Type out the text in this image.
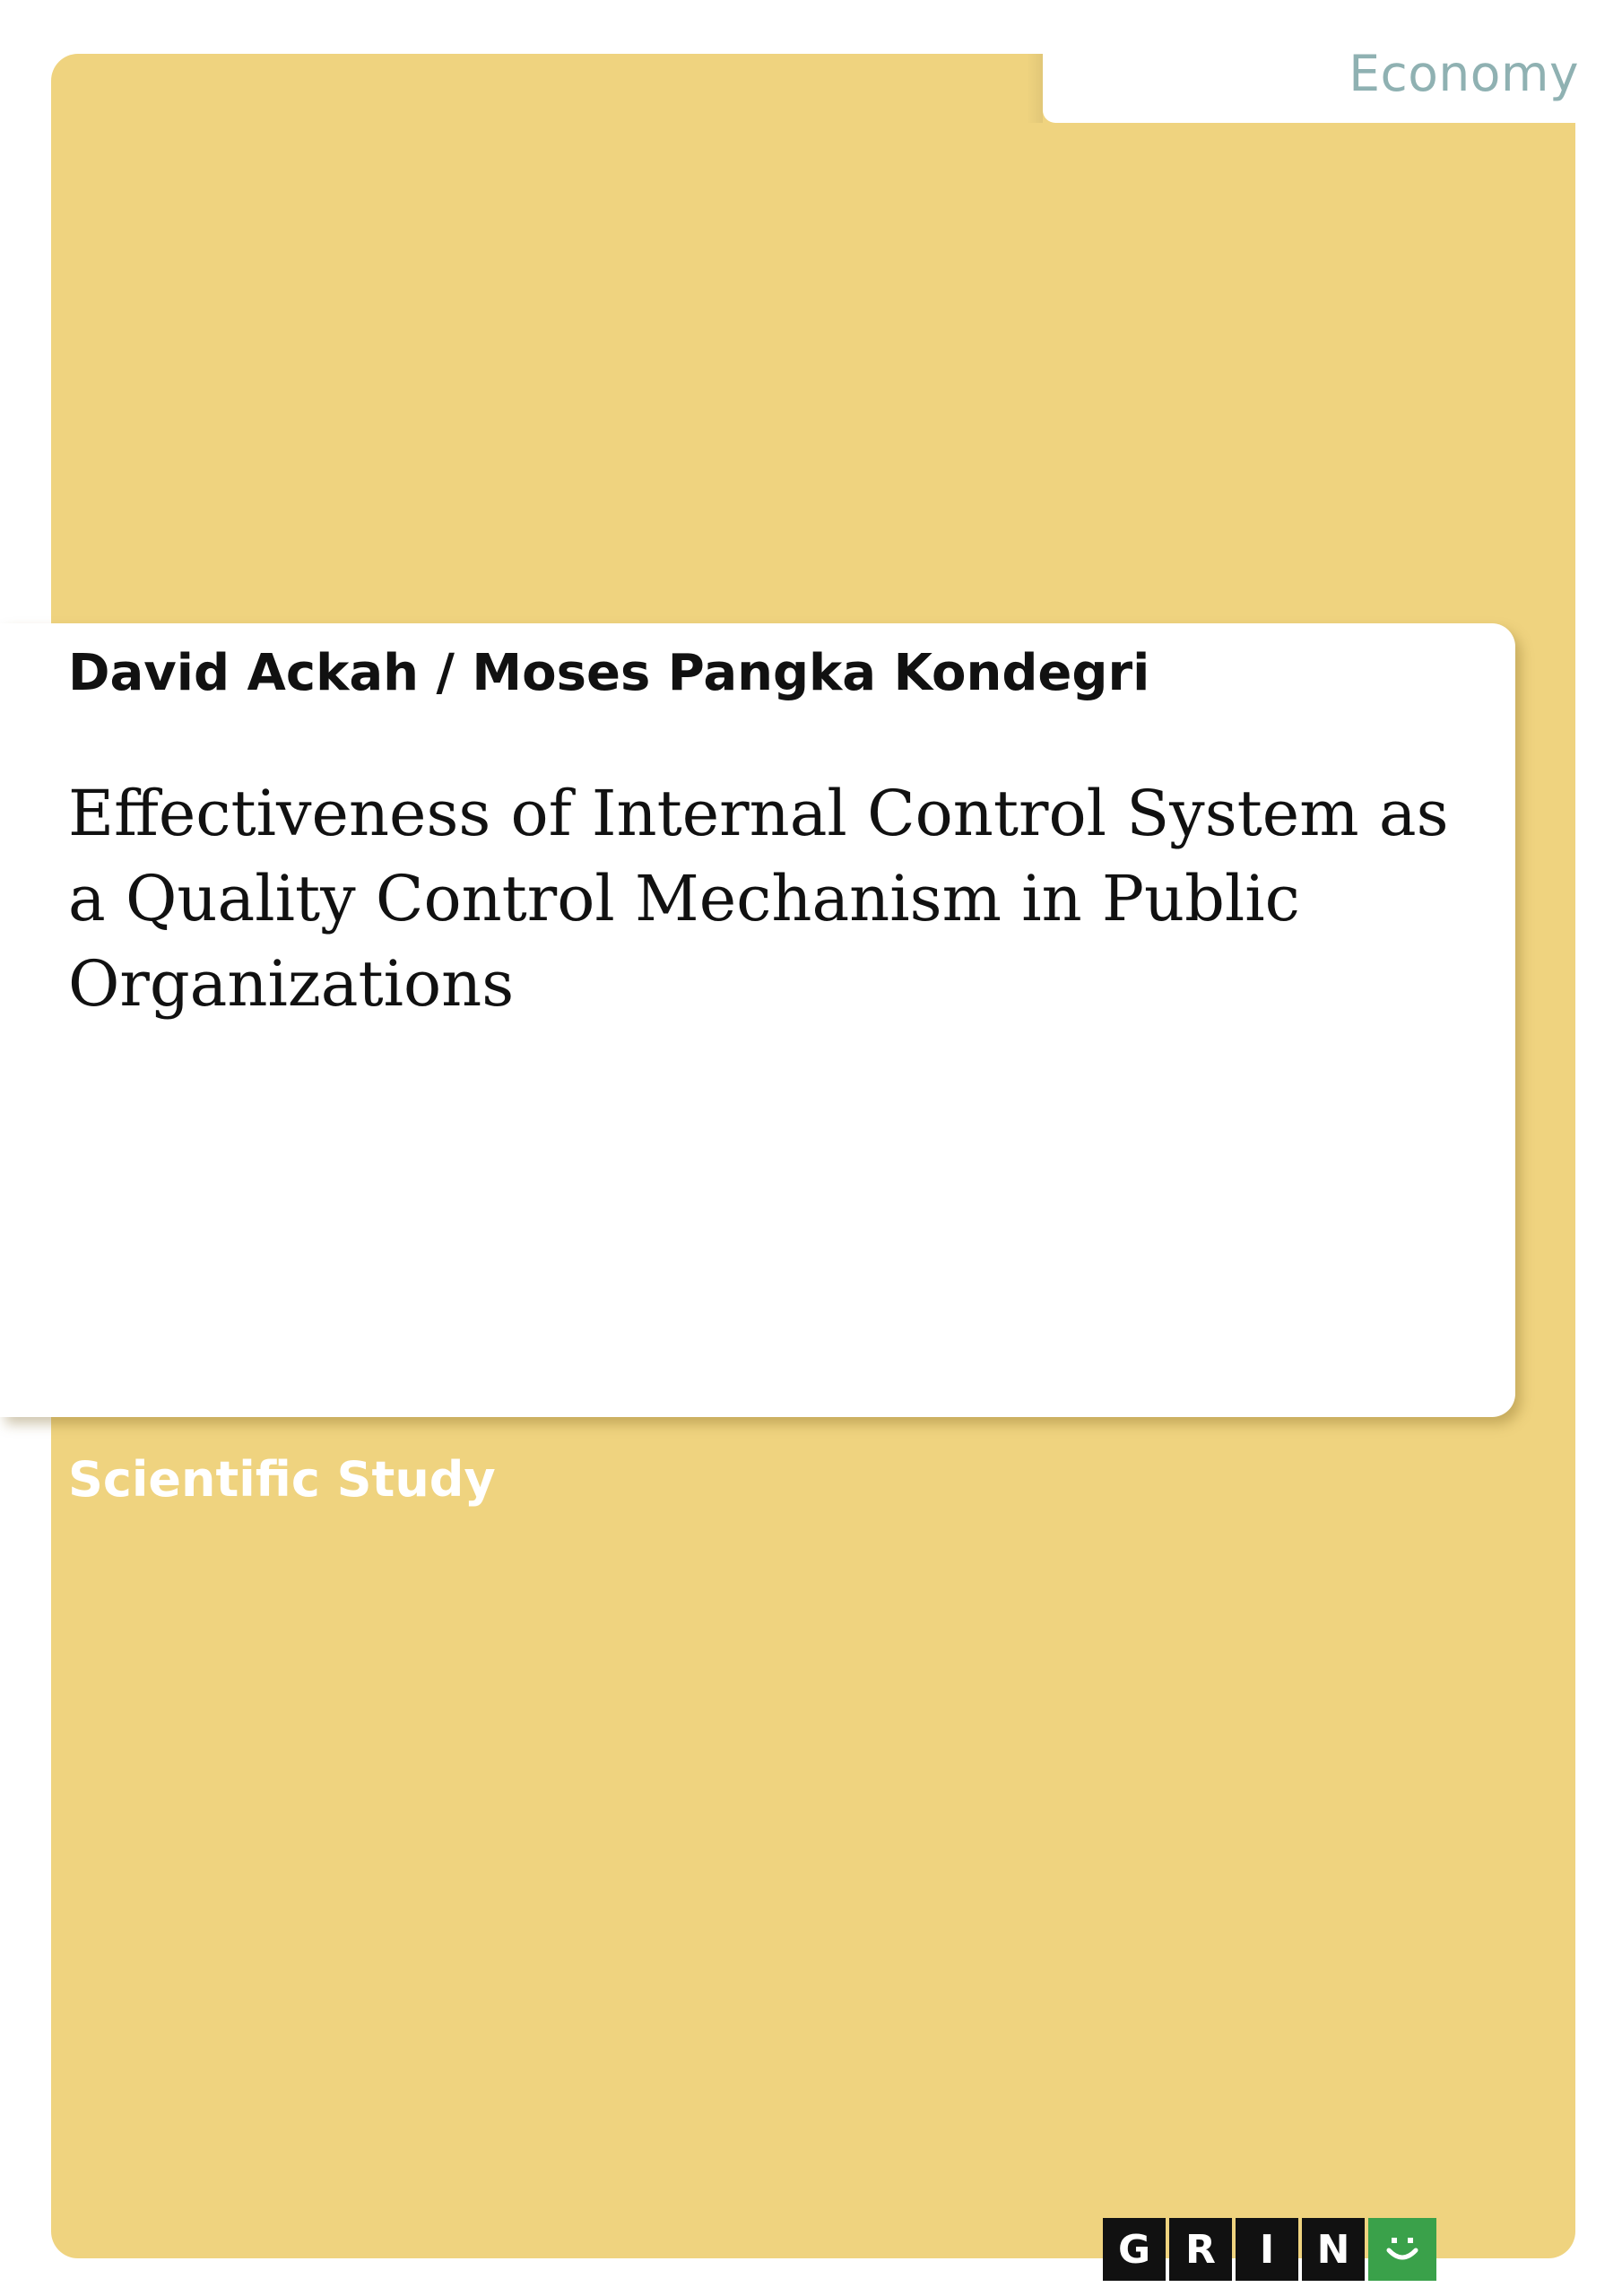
Economy
David Ackah / Moses Pangka Kondegri
Effectiveness of Internal Control System as a Quality Control Mechanism in Public Organizations
Scientific Study
G R	I	N
